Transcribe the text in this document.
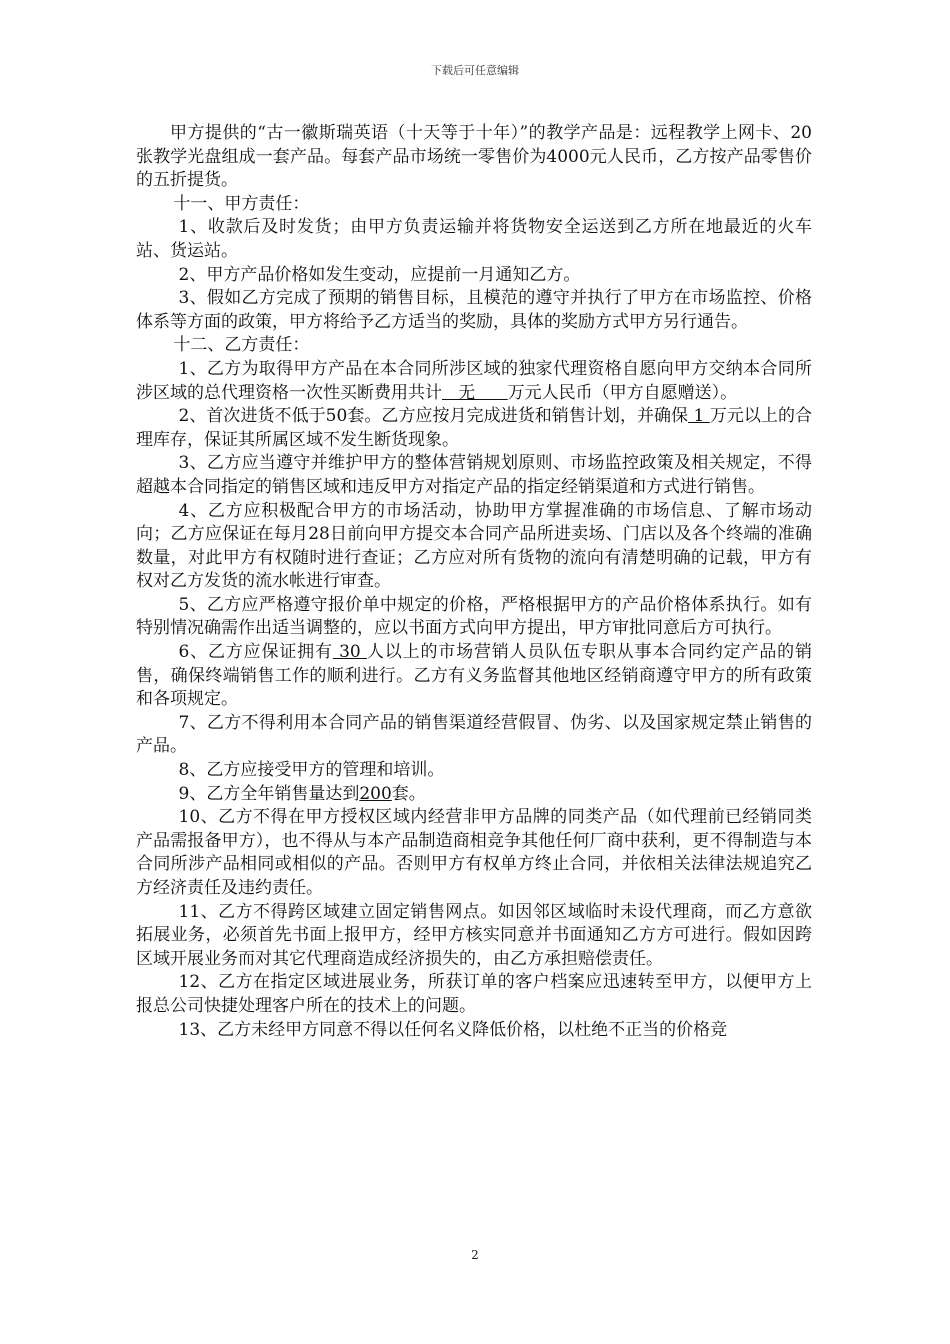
下载后可任意编辑

甲方提供的“古一徽斯瑞英语（十天等于十年）”的教学产品是：远程教学上网卡、20张教学光盘组成一套产品。每套产品市场统一零售价为4000元人民币，乙方按产品零售价的五折提货。

十一、甲方责任：

1、收款后及时发货；由甲方负责运输并将货物安全运送到乙方所在地最近的火车站、货运站。

2、甲方产品价格如发生变动，应提前一月通知乙方。

3、假如乙方完成了预期的销售目标，且模范的遵守并执行了甲方在市场监控、价格体系等方面的政策，甲方将给予乙方适当的奖励，具体的奖励方式甲方另行通告。

十二、乙方责任：

1、乙方为取得甲方产品在本合同所涉区域的独家代理资格自愿向甲方交纳本合同所涉区域的总代理资格一次性买断费用共计   无      万元人民币（甲方自愿赠送）。

2、首次进货不低于50套。乙方应按月完成进货和销售计划，并确保 1 万元以上的合理库存，保证其所属区域不发生断货现象。

3、乙方应当遵守并维护甲方的整体营销规划原则、市场监控政策及相关规定，不得超越本合同指定的销售区域和违反甲方对指定产品的指定经销渠道和方式进行销售。

4、乙方应积极配合甲方的市场活动，协助甲方掌握准确的市场信息、了解市场动向；乙方应保证在每月28日前向甲方提交本合同产品所进卖场、门店以及各个终端的准确数量，对此甲方有权随时进行查证；乙方应对所有货物的流向有清楚明确的记载，甲方有权对乙方发货的流水帐进行审查。

5、乙方应严格遵守报价单中规定的价格，严格根据甲方的产品价格体系执行。如有特别情况确需作出适当调整的，应以书面方式向甲方提出，甲方审批同意后方可执行。

6、乙方应保证拥有 30 人以上的市场营销人员队伍专职从事本合同约定产品的销售，确保终端销售工作的顺利进行。乙方有义务监督其他地区经销商遵守甲方的所有政策和各项规定。

7、乙方不得利用本合同产品的销售渠道经营假冒、伪劣、以及国家规定禁止销售的产品。

8、乙方应接受甲方的管理和培训。

9、乙方全年销售量达到200套。

10、乙方不得在甲方授权区域内经营非甲方品牌的同类产品（如代理前已经销同类产品需报备甲方），也不得从与本产品制造商相竞争其他任何厂商中获利，更不得制造与本合同所涉产品相同或相似的产品。否则甲方有权单方终止合同，并依相关法律法规追究乙方经济责任及违约责任。

11、乙方不得跨区域建立固定销售网点。如因邻区域临时未设代理商，而乙方意欲拓展业务，必须首先书面上报甲方，经甲方核实同意并书面通知乙方方可进行。假如因跨区域开展业务而对其它代理商造成经济损失的，由乙方承担赔偿责任。

12、乙方在指定区域进展业务，所获订单的客户档案应迅速转至甲方，以便甲方上报总公司快捷处理客户所在的技术上的问题。

13、乙方未经甲方同意不得以任何名义降低价格，以杜绝不正当的价格竞

2
